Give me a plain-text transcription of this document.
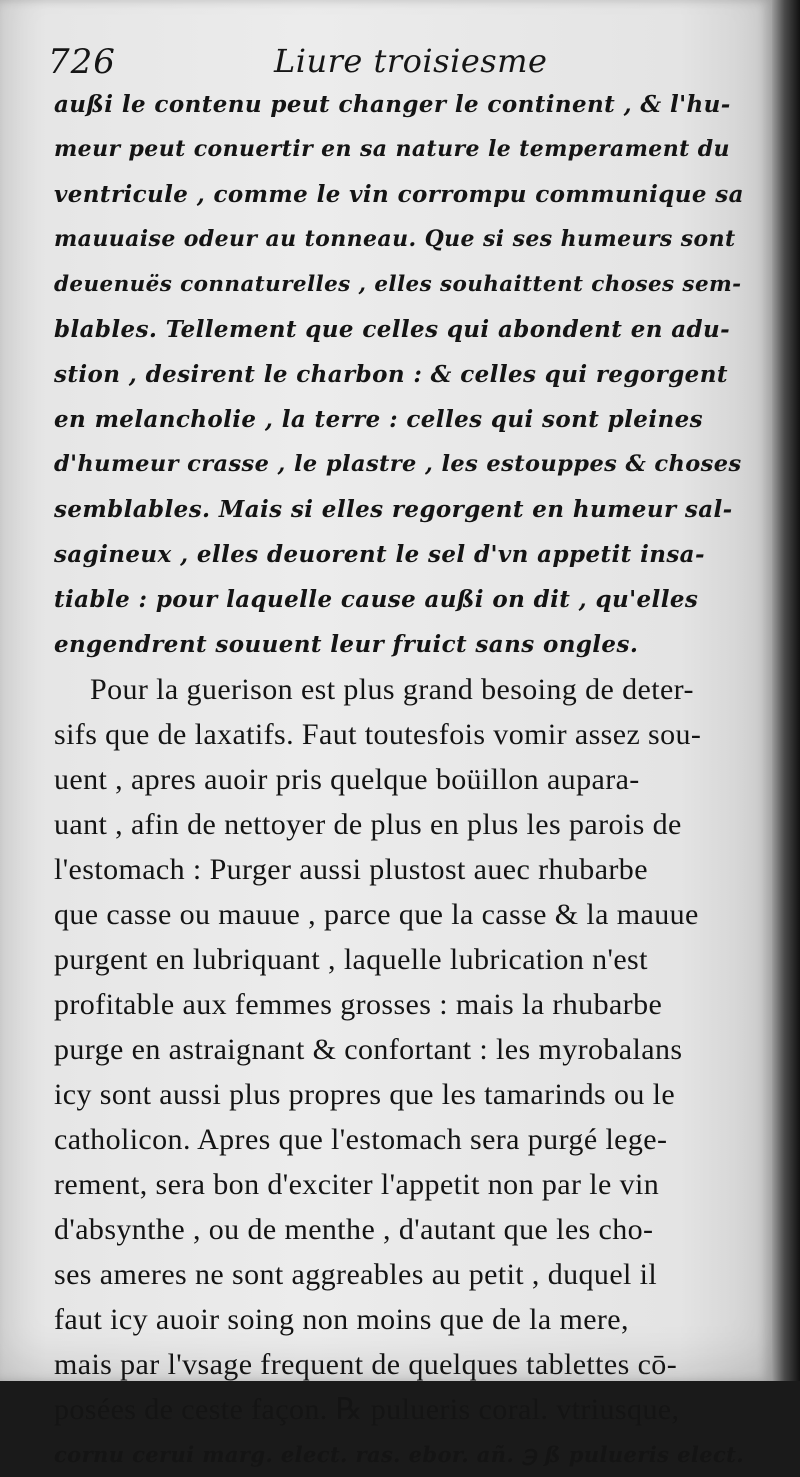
726	Liure troisiesme
außi le contenu peut changer le continent , & l'hu-
meur peut conuertir en sa nature le temperament du
ventricule , comme le vin corrompu communique sa
mauuaise odeur au tonneau. Que si ses humeurs sont
deuenuës connaturelles , elles souhaittent choses sem-
blables. Tellement que celles qui abondent en adu-
stion , desirent le charbon : & celles qui regorgent
en melancholie , la terre : celles qui sont pleines
d'humeur crasse , le plastre , les estouppes & choses
semblables. Mais si elles regorgent en humeur sal-
sagineux , elles deuorent le sel d'vn appetit insa-
tiable : pour laquelle cause außi on dit , qu'elles
engendrent souuent leur fruict sans ongles.
Pour la guerison est plus grand besoing de deter-
sifs que de laxatifs. Faut toutesfois vomir assez sou-
uent , apres auoir pris quelque boüillon aupara-
uant , afin de nettoyer de plus en plus les parois de
l'estomach : Purger aussi plustost auec rhubarbe
que casse ou mauue , parce que la casse & la mauue
purgent en lubriquant , laquelle lubrication n'est
profitable aux femmes grosses : mais la rhubarbe
purge en astraignant & confortant : les myrobalans
icy sont aussi plus propres que les tamarinds ou le
catholicon. Apres que l'estomach sera purgé lege-
rement, sera bon d'exciter l'appetit non par le vin
d'absynthe , ou de menthe , d'autant que les cho-
ses ameres ne sont aggreables au petit , duquel il
faut icy auoir soing non moins que de la mere,
mais par l'vsage frequent de quelques tablettes cō-
posées de ceste façon. ℞ pulueris coral. vtriusque,
cornu cerui marg. elect. ras. ebor. añ. ℈ ß pulueris elect.
